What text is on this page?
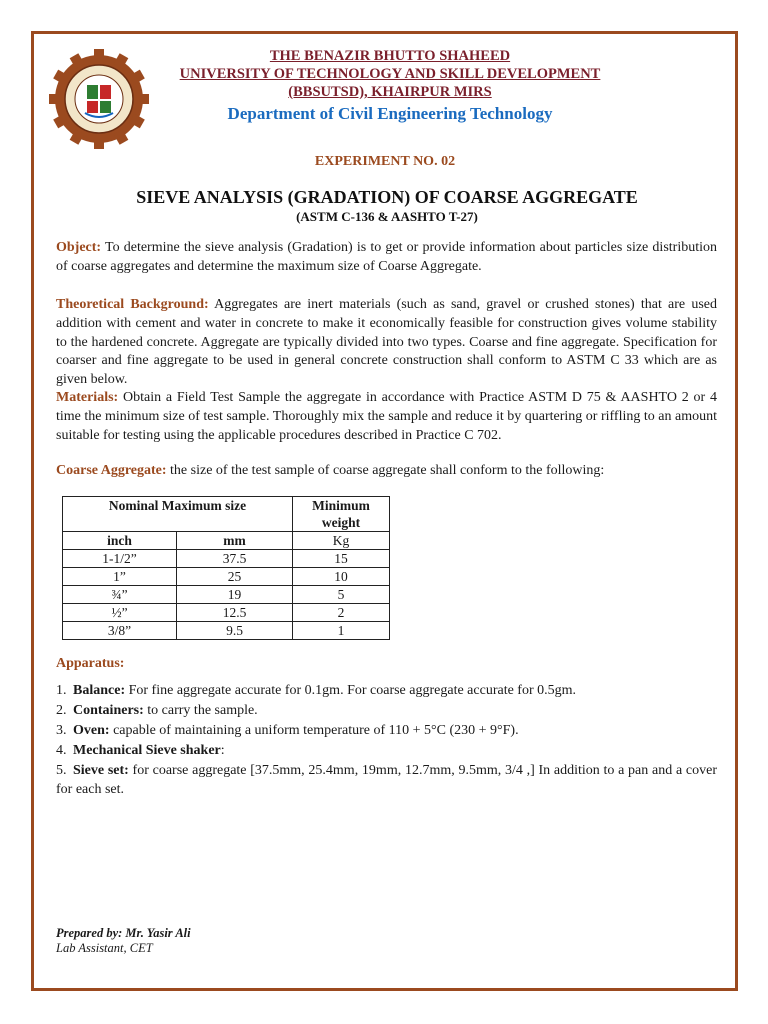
THE BENAZIR BHUTTO SHAHEED
UNIVERSITY OF TECHNOLOGY AND SKILL DEVELOPMENT
(BBSUTSD), KHAIRPUR MIRS
Department of Civil Engineering Technology
EXPERIMENT NO. 02
SIEVE ANALYSIS (GRADATION) OF COARSE AGGREGATE
(ASTM C-136 & AASHTO T-27)
Object: To determine the sieve analysis (Gradation) is to get or provide information about particles size distribution of coarse aggregates and determine the maximum size of Coarse Aggregate.
Theoretical Background: Aggregates are inert materials (such as sand, gravel or crushed stones) that are used addition with cement and water in concrete to make it economically feasible for construction gives volume stability to the hardened concrete. Aggregate are typically divided into two types. Coarse and fine aggregate. Specification for coarser and fine aggregate to be used in general concrete construction shall conform to ASTM C 33 which are as given below.
Materials: Obtain a Field Test Sample the aggregate in accordance with Practice ASTM D 75 & AASHTO 2 or 4 time the minimum size of test sample. Thoroughly mix the sample and reduce it by quartering or riffling to an amount suitable for testing using the applicable procedures described in Practice C 702.
Coarse Aggregate: the size of the test sample of coarse aggregate shall conform to the following:
Nominal Maximum size		Minimum weight
inch	mm	Kg
1-1/2”	37.5	15
1”	25	10
¾”	19	5
½”	12.5	2
3/8”	9.5	1
Apparatus:
1. Balance: For fine aggregate accurate for 0.1gm. For coarse aggregate accurate for 0.5gm.
2. Containers: to carry the sample.
3. Oven: capable of maintaining a uniform temperature of 110 + 5°C (230 + 9°F).
4. Mechanical Sieve shaker:
5. Sieve set: for coarse aggregate [37.5mm, 25.4mm, 19mm, 12.7mm, 9.5mm, 3/4 ,] In addition to a pan and a cover for each set.
Prepared by: Mr. Yasir Ali
Lab Assistant, CET
